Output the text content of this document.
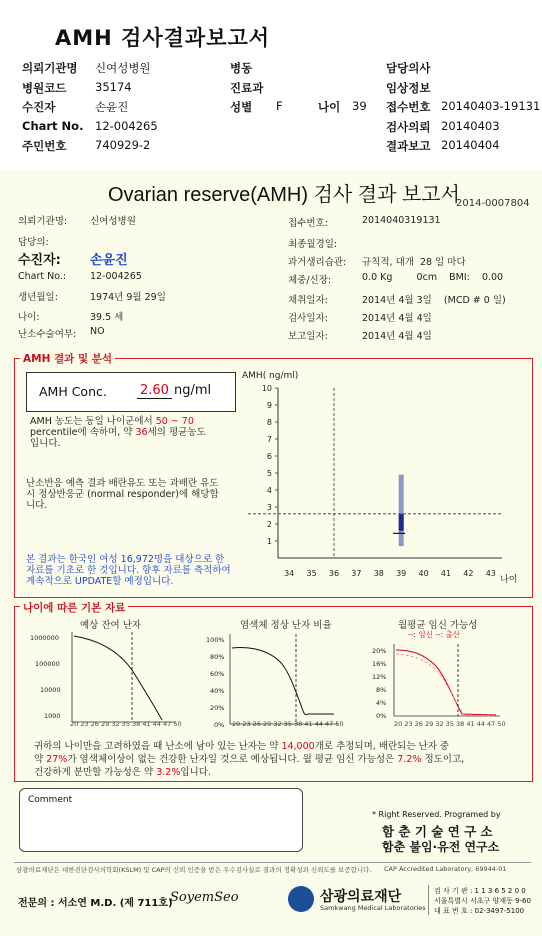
AMH 검사결과보고서
의뢰기관명 신여성병원	병동	담당의사
병원코드 35174	진료과	임상정보
수진자	손윤진	성별 F	나이 39 접수번호 20140403-19131
Chart No. 12-004265	검사의뢰 20140403
주민번호 740929-2	결과보고 20140404
Ovarian reserve(AMH) 검사 결과 보고서
2014-0007804
의뢰기관명: 신여성병원
담당의:
수진자: 손윤진
Chart No.:	12-004265
생년월일:	1974년 9월 29일
나이:	39.5 세
난소수술여부: NO
접수번호:	2014040319131
최종월경일:
과거생리습관: 규칙적, 대개  28 일 마다
체중/신장:	0.0 Kg        0cm    BMI:    0.00
채취일자:	2014년 4월 3일    (MCD # 0 일)
검사일자:	2014년 4월 4일
보고일자:	2014년 4월 4일
AMH 결과 및 분석
AMH Conc.	2.60 ng/ml
AMH 농도는 동일 나이군에서 50 ~ 70
percentile에 속하며, 약 36세의 평균농도
입니다.
난소반응 예측 결과 배란유도 또는 과배란 유도시 정상반응군 (normal responder)에 해당합니다.
본 결과는 한국인 여성 16,972명을 대상으로 한 자료를 기초로 한 것입니다. 향후 자료를 축적하여 계속적으로 UPDATE할 예정입니다.
AMH( ng/ml)
1
2
3
4
5
6
7
8
9
10
34 35 36 37 38 39 40 41 42 43
나이
나이에 따른 기본 자료
예상 잔여 난자	염색체 정상 난자 비율	월평균 임신 가능성
--: 임신 --: 출산
1000000
100000
10000
1000
20 23 26 29 32 35 38 41 44 47 50
100%
80%
60%
40%
20%
0% 20 23 26 29 32 35 38 41 44 47 50
20%
16%
12%
8%
4%
0%
20 23 26 29 32 35 38 41 44 47 50
귀하의 나이만을 고려하였을 때 난소에 남아 있는 난자는 약 14,000개로 추정되며, 배란되는 난자 중
약 27%가 염색체이상이 없는 건강한 난자일 것으로 예상됩니다. 월 평균 임신 가능성은 7.2% 정도이고,
건강하게 분만할 가능성은 약 3.2%입니다.
Comment
* Right Reserved. Programed by
함 춘 기 술 연 구 소
함춘 불임·유전 연구소
삼광의료재단은 대한진단검사의학회(KSLM) 및 CAP의 신뢰 인증을 받은 우수검사실로 결과의 정확성과 신뢰도를 보증합니다. CAP Accredited Laboratory, 69944-01
전문의 : 서소연 M.D. (제 711호)
SoyemSeo	삼광의료재단
Samkwang Medical Laboratories
검 사 기 관 : 1 1 3 6 5 2 0 0
서울특별시 서초구 양재동 9-60
대 표 번 호 : 02-3497-5100
